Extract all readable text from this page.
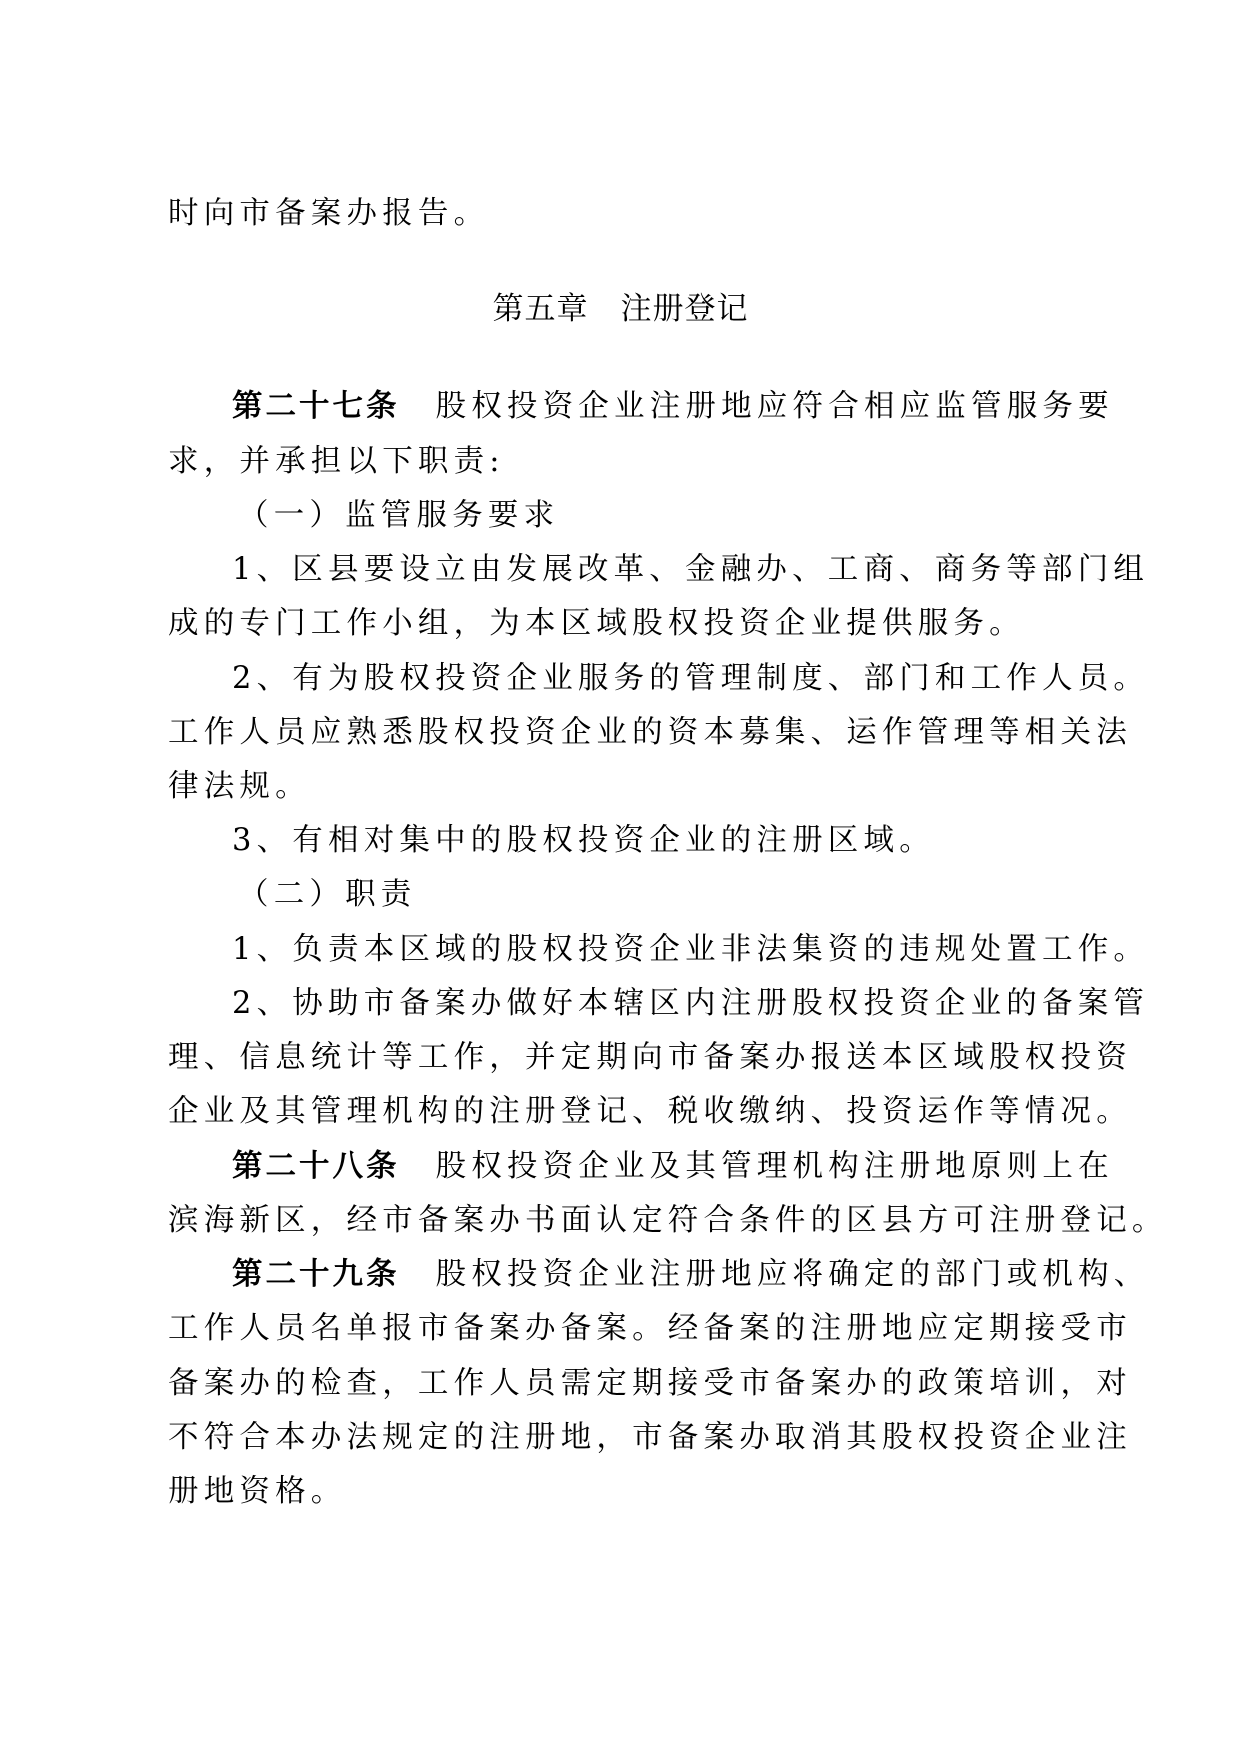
时向市备案办报告。
第五章 注册登记
第二十七条 股权投资企业注册地应符合相应监管服务要
求，并承担以下职责:
（一）监管服务要求
1、区县要设立由发展改革、金融办、工商、商务等部门组
成的专门工作小组，为本区域股权投资企业提供服务。
2、有为股权投资企业服务的管理制度、部门和工作人员。
工作人员应熟悉股权投资企业的资本募集、运作管理等相关法
律法规。
3、有相对集中的股权投资企业的注册区域。
（二）职责
1、负责本区域的股权投资企业非法集资的违规处置工作。
2、协助市备案办做好本辖区内注册股权投资企业的备案管
理、信息统计等工作，并定期向市备案办报送本区域股权投资
企业及其管理机构的注册登记、税收缴纳、投资运作等情况。
第二十八条 股权投资企业及其管理机构注册地原则上在
滨海新区，经市备案办书面认定符合条件的区县方可注册登记。
第二十九条 股权投资企业注册地应将确定的部门或机构、
工作人员名单报市备案办备案。经备案的注册地应定期接受市
备案办的检查，工作人员需定期接受市备案办的政策培训，对
不符合本办法规定的注册地，市备案办取消其股权投资企业注
册地资格。
